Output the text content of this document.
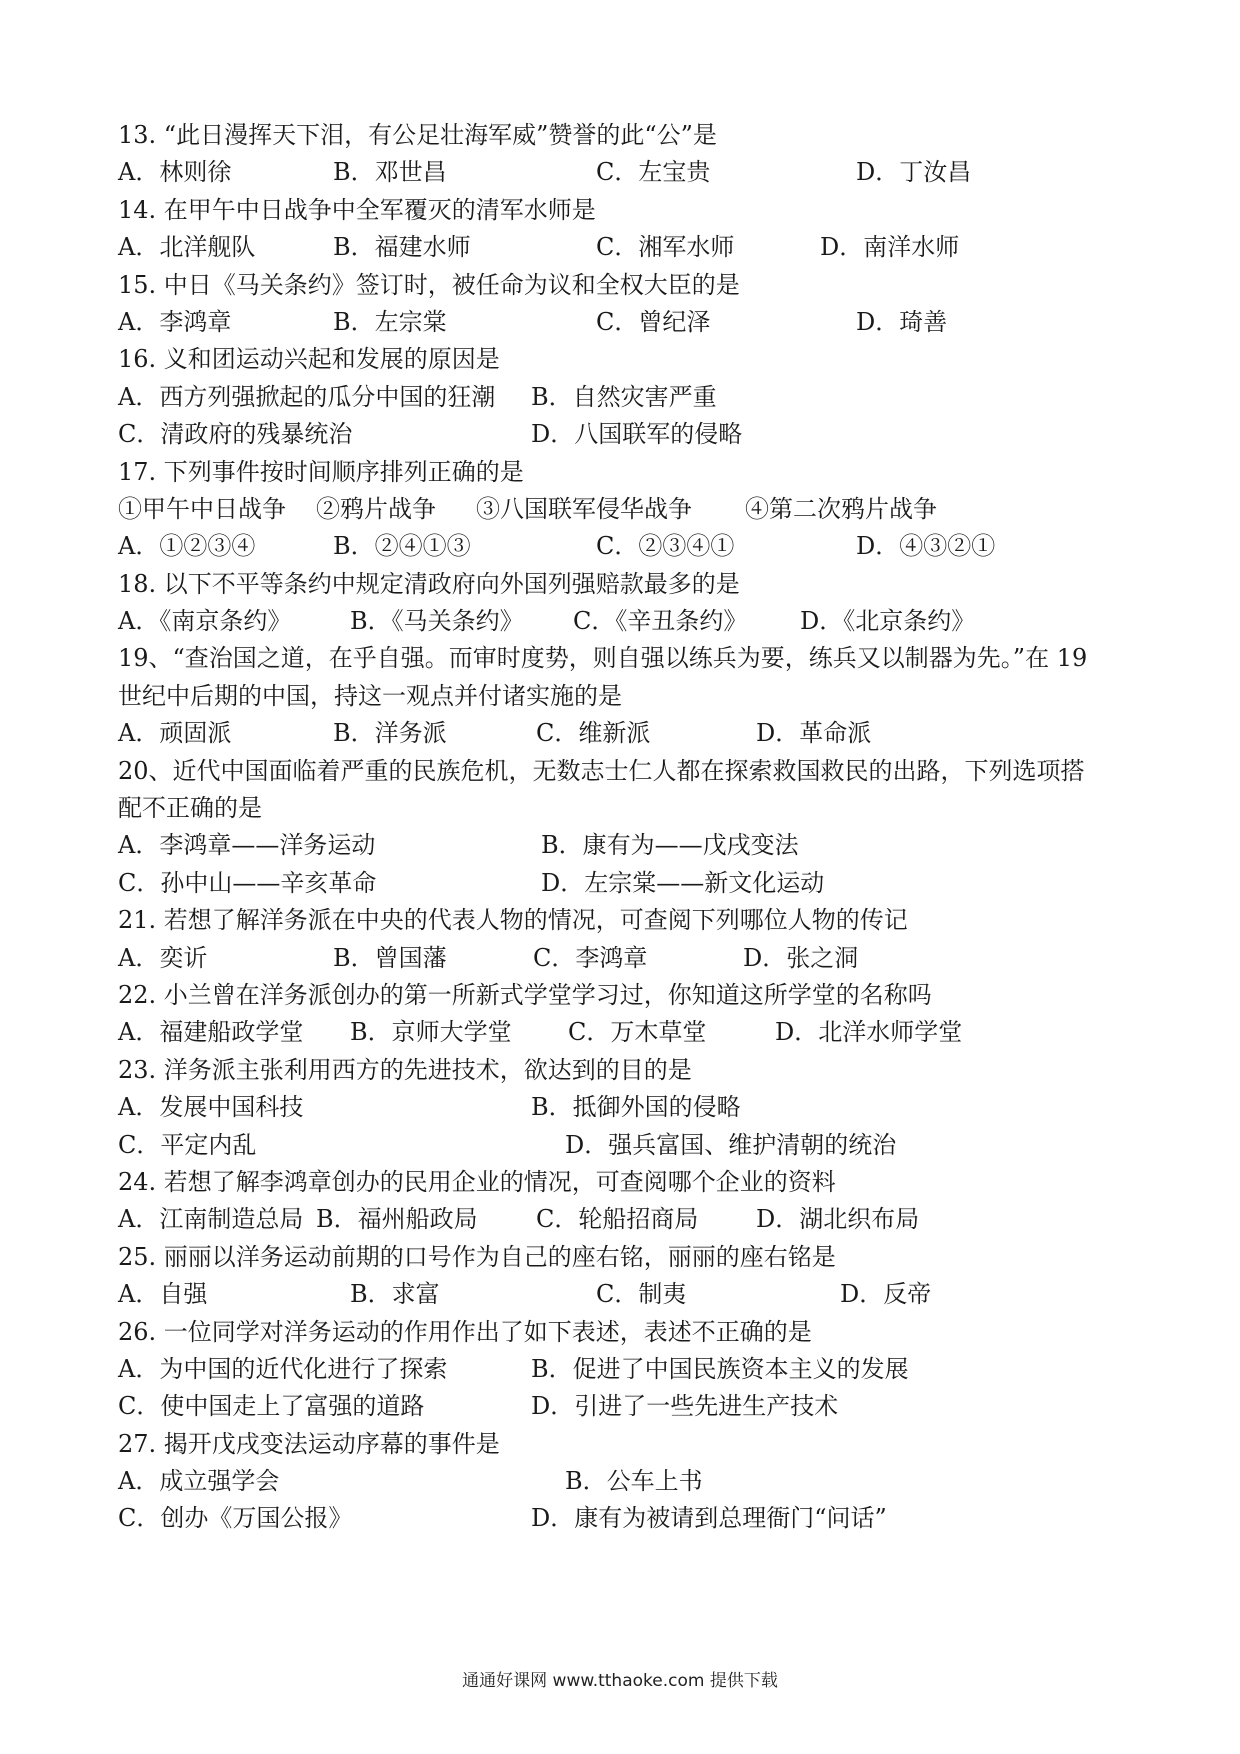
13. “此日漫挥天下泪，有公足壮海军威”赞誉的此“公”是
A．林则徐	B．邓世昌	C．左宝贵	D．丁汝昌
14. 在甲午中日战争中全军覆灭的清军水师是
A．北洋舰队	B．福建水师	C．湘军水师	D．南洋水师
15. 中日《马关条约》签订时，被任命为议和全权大臣的是
A．李鸿章	B．左宗棠	C．曾纪泽	D．琦善
16. 义和团运动兴起和发展的原因是
A．西方列强掀起的瓜分中国的狂潮 B．自然灾害严重
C．清政府的残暴统治	D．八国联军的侵略
17. 下列事件按时间顺序排列正确的是
①甲午中日战争 ②鸦片战争 ③八国联军侵华战争 ④第二次鸦片战争
A．①②③④	B．②④①③	C．②③④①	D．④③②①
18. 以下不平等条约中规定清政府向外国列强赔款最多的是
A．《南京条约》 B．《马关条约》 C．《辛丑条约》 D．《北京条约》
19、“查治国之道，在乎自强。而审时度势，则自强以练兵为要，练兵又以制器为先。”在 19
世纪中后期的中国，持这一观点并付诸实施的是
A．顽固派	B．洋务派	C．维新派	D．革命派
20、近代中国面临着严重的民族危机，无数志士仁人都在探索救国救民的出路，下列选项搭
配不正确的是
A．李鸿章——洋务运动	B．康有为——戊戌变法
C．孙中山——辛亥革命	D．左宗棠——新文化运动
21. 若想了解洋务派在中央的代表人物的情况，可查阅下列哪位人物的传记
A．奕䜣	B．曾国藩	C．李鸿章	D．张之洞
22. 小兰曾在洋务派创办的第一所新式学堂学习过，你知道这所学堂的名称吗
A．福建船政学堂 B．京师大学堂 C．万木草堂	D．北洋水师学堂
23. 洋务派主张利用西方的先进技术，欲达到的目的是
A．发展中国科技	B．抵御外国的侵略
C．平定内乱	D．强兵富国、维护清朝的统治
24. 若想了解李鸿章创办的民用企业的情况，可查阅哪个企业的资料
A．江南制造总局 B．福州船政局 C．轮船招商局 D．湖北织布局
25. 丽丽以洋务运动前期的口号作为自己的座右铭，丽丽的座右铭是
A．自强	B．求富	C．制夷	D．反帝
26. 一位同学对洋务运动的作用作出了如下表述，表述不正确的是
A．为中国的近代化进行了探索	B．促进了中国民族资本主义的发展
C．使中国走上了富强的道路	D．引进了一些先进生产技术
27. 揭开戊戌变法运动序幕的事件是
A．成立强学会	B．公车上书
C．创办《万国公报》	D．康有为被请到总理衙门“问话”
通通好课网 www.tthaoke.com 提供下载
